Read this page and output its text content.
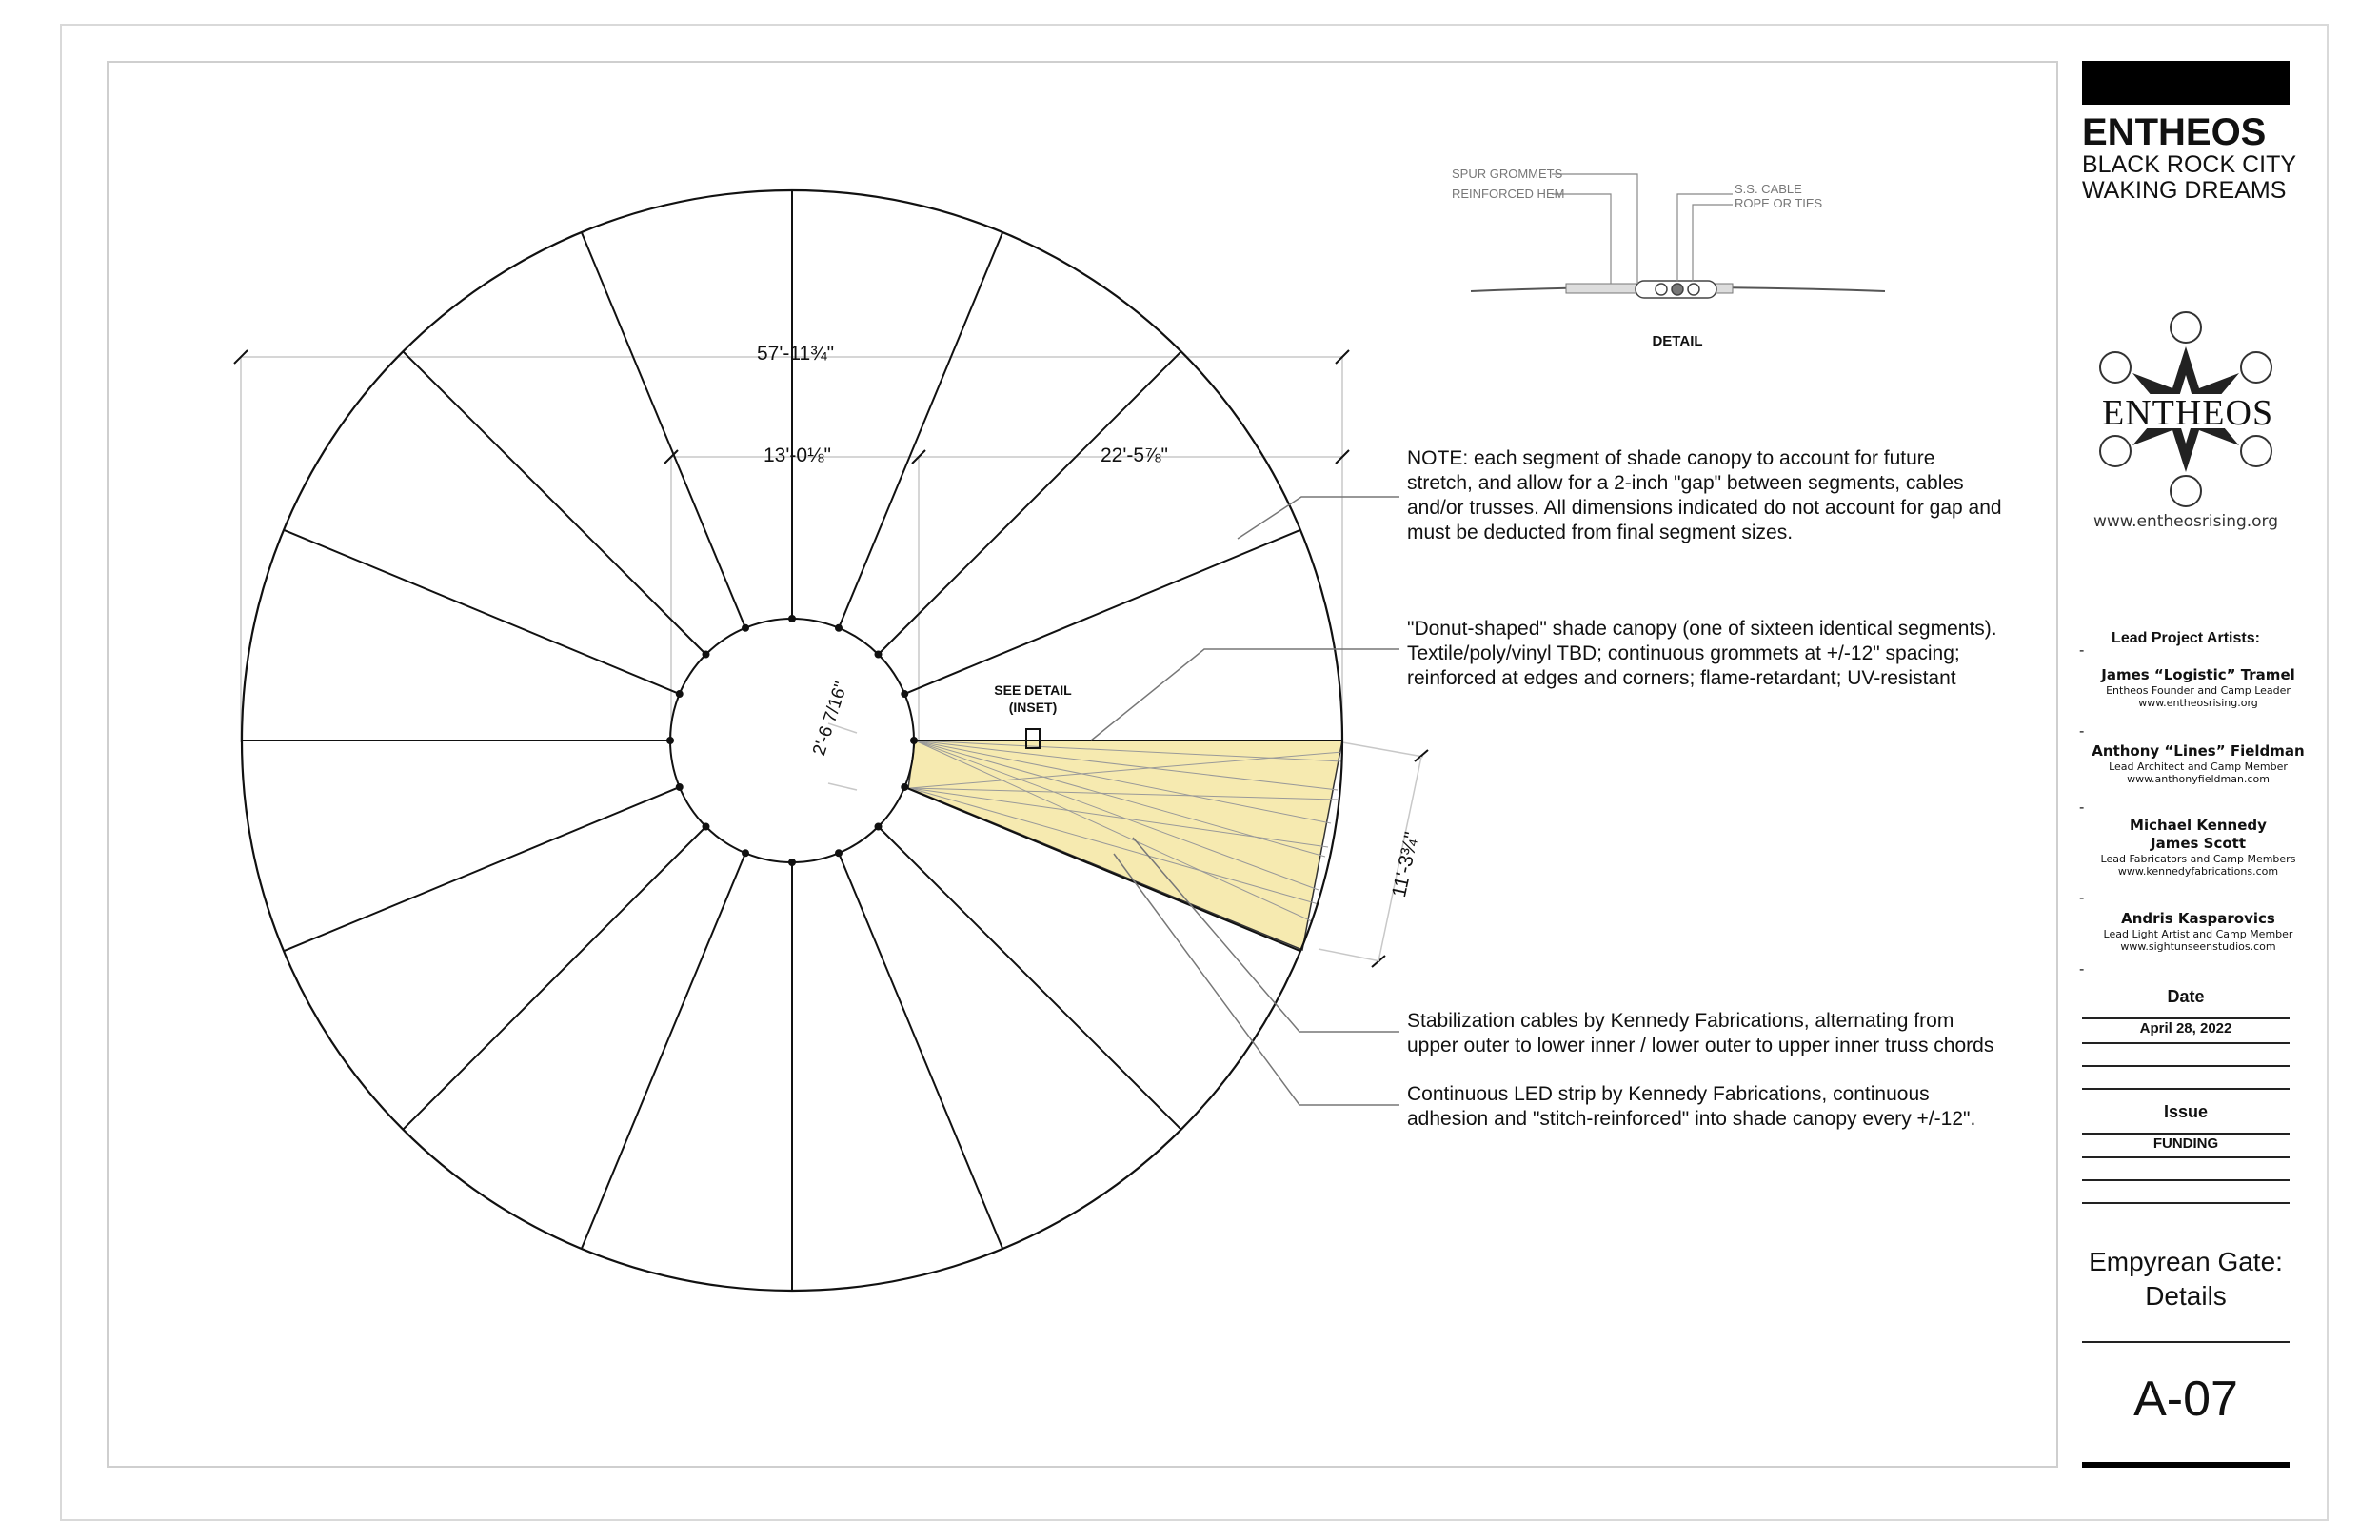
57'-11¾"
13'-0⅛"	22'-5⅞"
2'-6 7/16"
11'-3¾"
SEE DETAIL
(INSET)
NOTE: each segment of shade canopy to account for future
stretch, and allow for a 2-inch "gap" between segments, cables
and/or trusses. All dimensions indicated do not account for gap and
must be deducted from final segment sizes.
"Donut-shaped" shade canopy (one of sixteen identical segments).
Textile/poly/vinyl TBD; continuous grommets at +/-12" spacing;
reinforced at edges and corners; flame-retardant; UV-resistant
Stabilization cables by Kennedy Fabrications, alternating from
upper outer to lower inner / lower outer to upper inner truss chords
Continuous LED strip by Kennedy Fabrications, continuous
adhesion and "stitch-reinforced" into shade canopy every +/-12".
SPUR GROMMETS
REINFORCED HEM	S.S. CABLE
ROPE OR TIES
DETAIL
ENTHEOS
BLACK ROCK CITY
WAKING DREAMS
ENTHEOS
www.entheosrising.org
Lead Project Artists:
-
James “Logistic” Tramel
Entheos Founder and Camp Leader
www.entheosrising.org
-
Anthony “Lines” Fieldman
Lead Architect and Camp Member
www.anthonyfieldman.com
-
Michael Kennedy
James Scott
Lead Fabricators and Camp Members
www.kennedyfabrications.com
-
Andris Kasparovics
Lead Light Artist and Camp Member
www.sightunseenstudios.com
-
Date
April 28, 2022
Issue
FUNDING
Empyrean Gate:
Details
A-07
